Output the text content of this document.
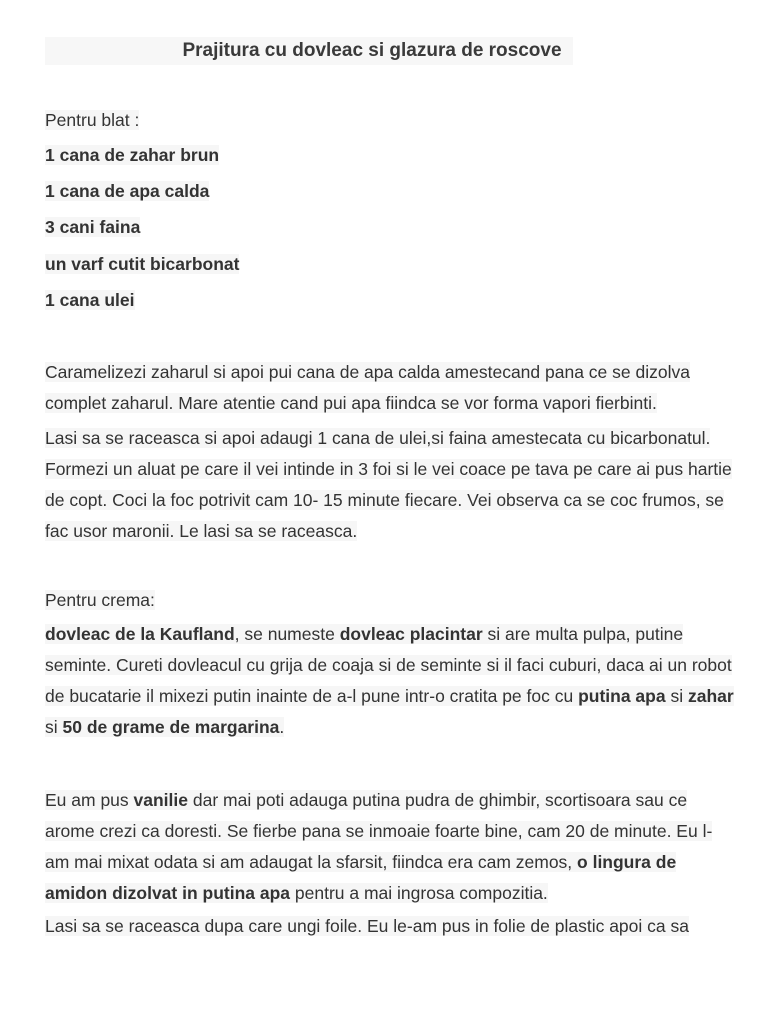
Prajitura cu dovleac si glazura de roscove
Pentru blat :
1 cana de zahar brun
1 cana de apa calda
3 cani faina
un varf cutit bicarbonat
1 cana ulei
Caramelizezi zaharul si apoi pui cana de apa calda amestecand pana ce se dizolva complet zaharul. Mare atentie cand pui apa fiindca se vor forma vapori fierbinti.
Lasi sa se raceasca si apoi adaugi 1 cana de ulei,si faina amestecata cu bicarbonatul. Formezi un aluat pe care il vei intinde in 3 foi si le vei coace pe tava pe care ai pus hartie de copt. Coci la foc potrivit cam 10- 15 minute fiecare. Vei observa ca se coc frumos, se fac usor maronii. Le lasi sa se raceasca.
Pentru crema:
dovleac de la Kaufland, se numeste dovleac placintar si are multa pulpa, putine seminte. Cureti dovleacul cu grija de coaja si de seminte si il faci cuburi, daca ai un robot de bucatarie il mixezi putin inainte de a-l pune intr-o cratita pe foc cu putina apa si zahar si 50 de grame de margarina.
Eu am pus vanilie dar mai poti adauga putina pudra de ghimbir, scortisoara sau ce arome crezi ca doresti. Se fierbe pana se inmoaie foarte bine, cam 20 de minute. Eu l-am mai mixat odata si am adaugat la sfarsit, fiindca era cam zemos, o lingura de amidon dizolvat in putina apa pentru a mai ingrosa compozitia.
Lasi sa se raceasca dupa care ungi foile. Eu le-am pus in folie de plastic apoi ca sa
